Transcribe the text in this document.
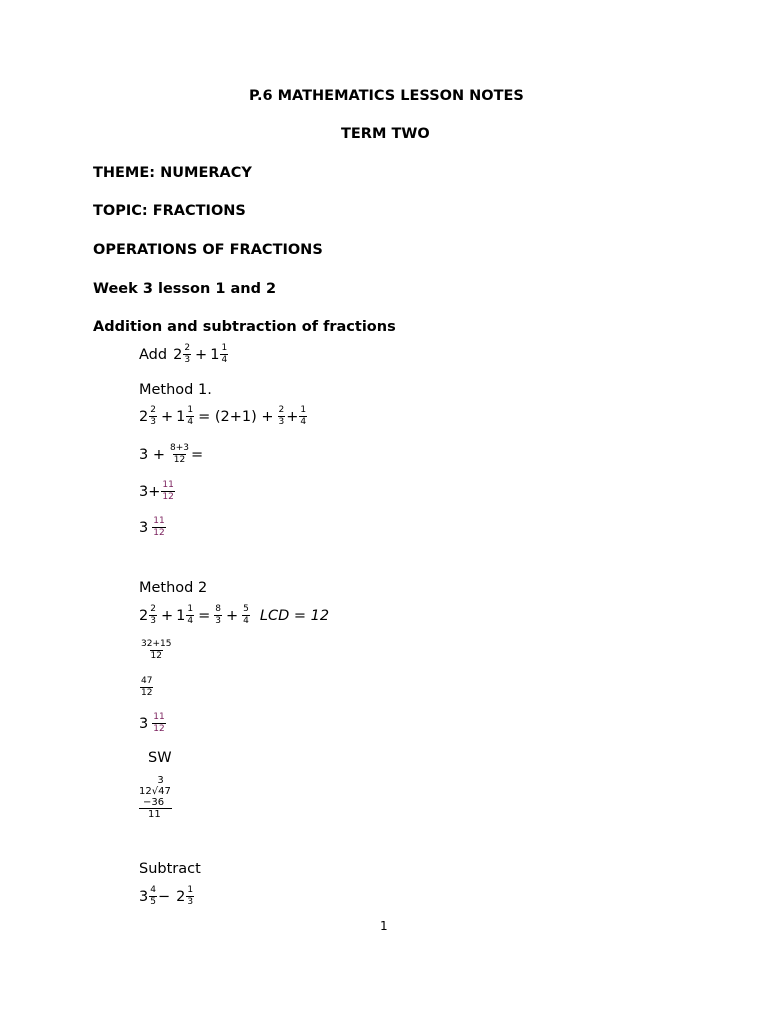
P.6 MATHEMATICS LESSON NOTES
TERM TWO
THEME: NUMERACY
TOPIC: FRACTIONS
OPERATIONS OF FRACTIONS
Week 3 lesson 1 and 2
Addition and subtraction of fractions
Add $2 \frac{2}{3} + 1 \frac{1}{4}$
Method 1.
$2 \frac{2}{3} + 1 \frac{1}{4} = (2+1) + \frac{2}{3} + \frac{1}{4}$
$3 + \frac{8+3}{12}$ =
$3+ \frac{11}{12}$
$3 \frac{11}{12}$
Method 2
$2 \frac{2}{3} + 1 \frac{1}{4} = \frac{8}{3} + \frac{5}{4}$ LCD = 12
$\frac{32+15}{12}$
$\frac{47}{12}$
$3 \frac{11}{12}$
SW
3
12√47
−36
11
Subtract
$3 \frac{4}{5} - 2 \frac{1}{3}$
1
